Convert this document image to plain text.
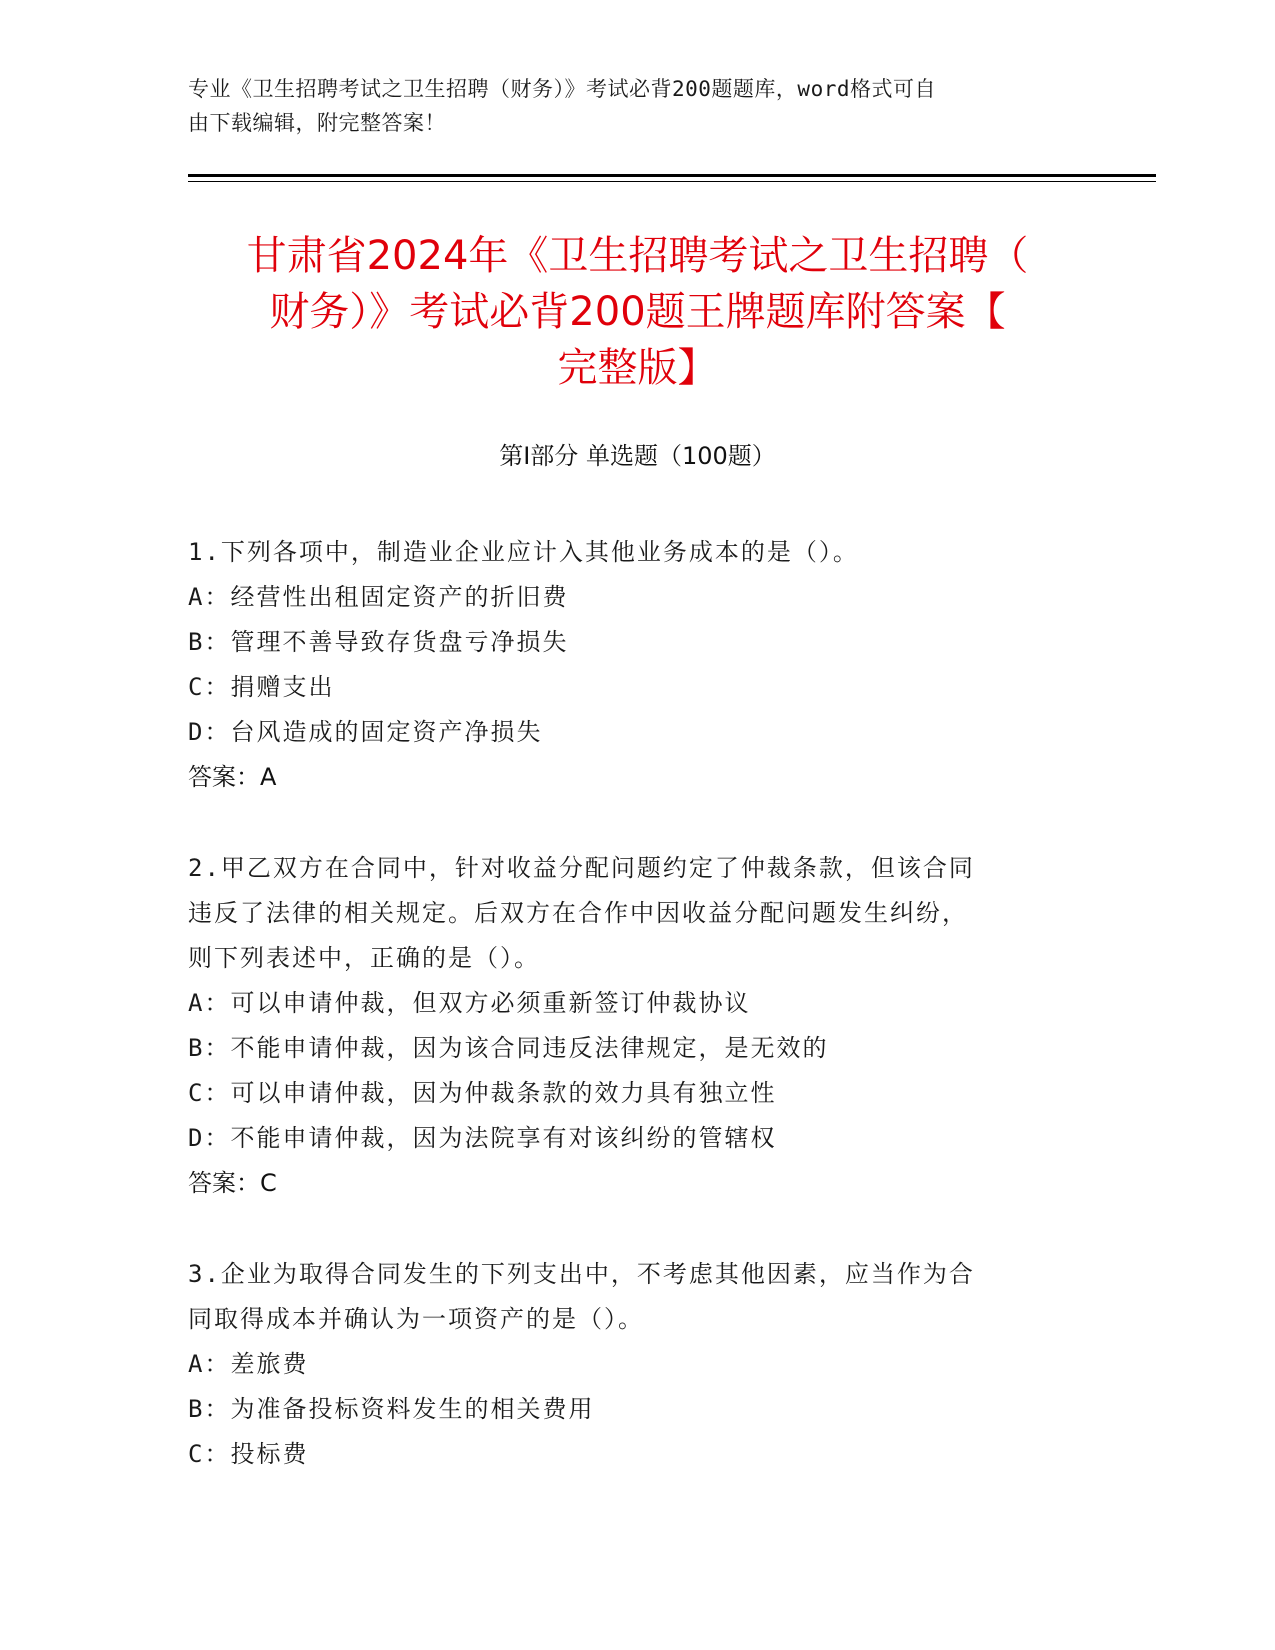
专业《卫生招聘考试之卫生招聘（财务）》考试必背200题题库，word格式可自
由下载编辑，附完整答案！
甘肃省2024年《卫生招聘考试之卫生招聘（
财务）》考试必背200题王牌题库附答案【
完整版】
第Ⅰ部分 单选题（100题）

1.下列各项中，制造业企业应计入其他业务成本的是（）。

A：经营性出租固定资产的折旧费

B：管理不善导致存货盘亏净损失

C：捐赠支出

D：台风造成的固定资产净损失

答案：A

2.甲乙双方在合同中，针对收益分配问题约定了仲裁条款，但该合同

违反了法律的相关规定。后双方在合作中因收益分配问题发生纠纷，

则下列表述中，正确的是（）。

A：可以申请仲裁，但双方必须重新签订仲裁协议

B：不能申请仲裁，因为该合同违反法律规定，是无效的

C：可以申请仲裁，因为仲裁条款的效力具有独立性

D：不能申请仲裁，因为法院享有对该纠纷的管辖权

答案：C

3.企业为取得合同发生的下列支出中，不考虑其他因素，应当作为合

同取得成本并确认为一项资产的是（）。

A：差旅费

B：为准备投标资料发生的相关费用

C：投标费
